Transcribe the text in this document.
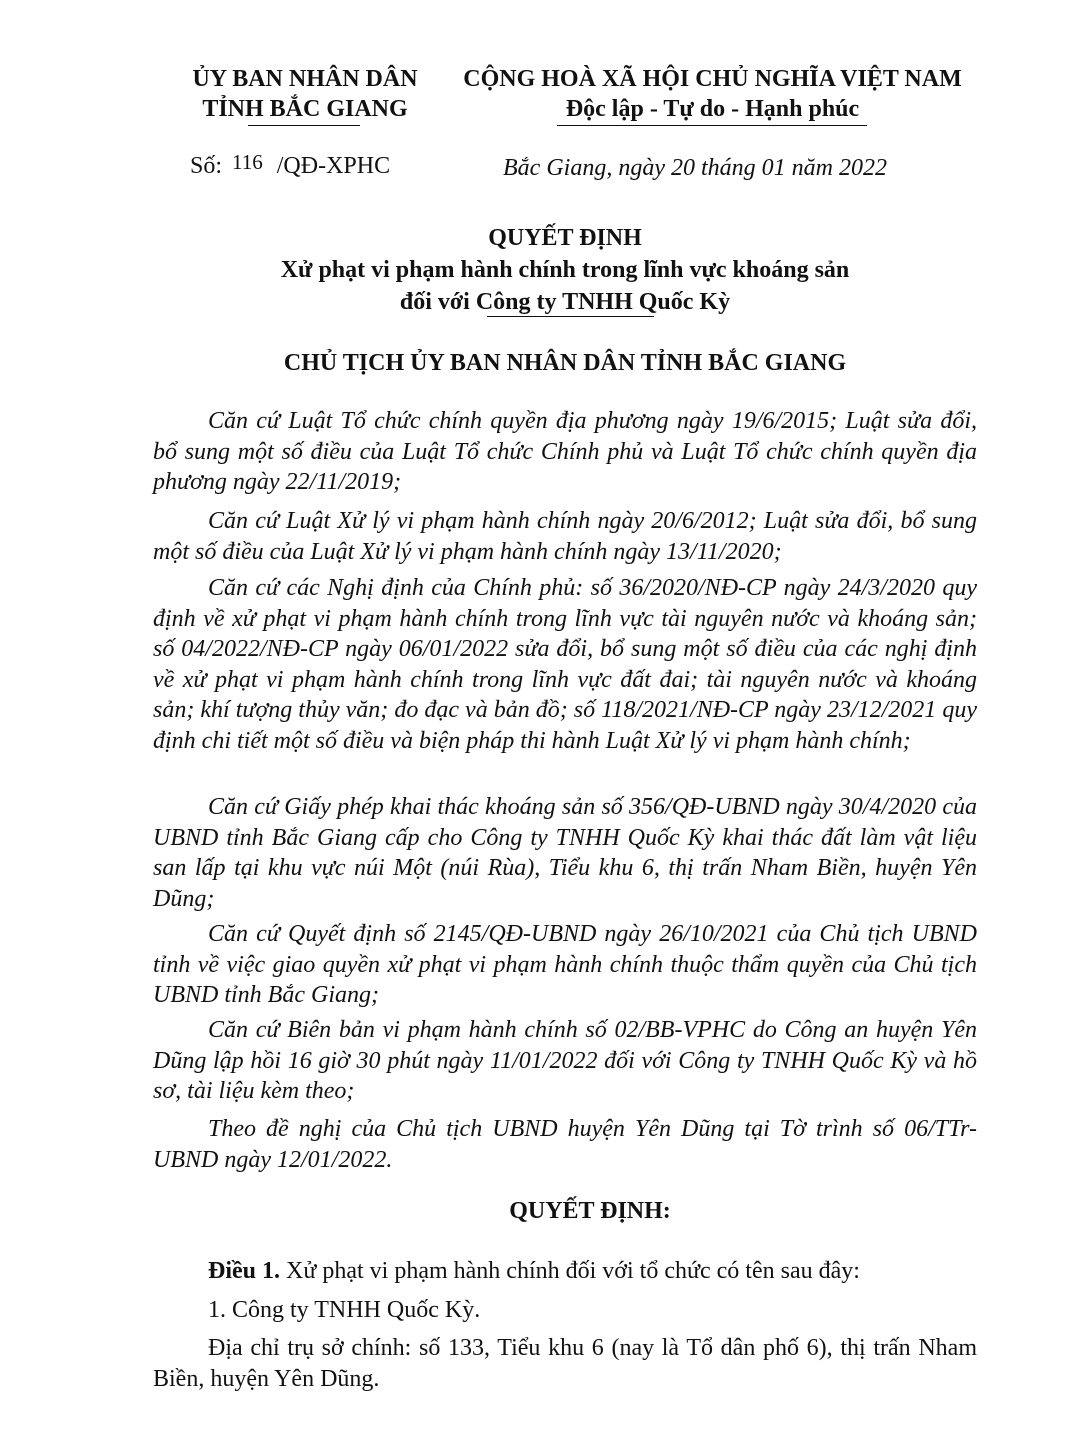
ỦY BAN NHÂN DÂN
TỈNH BẮC GIANG
CỘNG HOÀ XÃ HỘI CHỦ NGHĨA VIỆT NAM
Độc lập - Tự do - Hạnh phúc
Số: 116 /QĐ-XPHC	Bắc Giang, ngày 20 tháng 01 năm 2022
QUYẾT ĐỊNH
Xử phạt vi phạm hành chính trong lĩnh vực khoáng sản
đối với Công ty TNHH Quốc Kỳ
CHỦ TỊCH ỦY BAN NHÂN DÂN TỈNH BẮC GIANG
Căn cứ Luật Tổ chức chính quyền địa phương ngày 19/6/2015; Luật sửa đổi, bổ sung một số điều của Luật Tổ chức Chính phủ và Luật Tổ chức chính quyền địa phương ngày 22/11/2019;
Căn cứ Luật Xử lý vi phạm hành chính ngày 20/6/2012; Luật sửa đổi, bổ sung một số điều của Luật Xử lý vi phạm hành chính ngày 13/11/2020;
Căn cứ các Nghị định của Chính phủ: số 36/2020/NĐ-CP ngày 24/3/2020 quy định về xử phạt vi phạm hành chính trong lĩnh vực tài nguyên nước và khoáng sản; số 04/2022/NĐ-CP ngày 06/01/2022 sửa đổi, bổ sung một số điều của các nghị định về xử phạt vi phạm hành chính trong lĩnh vực đất đai; tài nguyên nước và khoáng sản; khí tượng thủy văn; đo đạc và bản đồ; số 118/2021/NĐ-CP ngày 23/12/2021 quy định chi tiết một số điều và biện pháp thi hành Luật Xử lý vi phạm hành chính;
Căn cứ Giấy phép khai thác khoáng sản số 356/QĐ-UBND ngày 30/4/2020 của UBND tỉnh Bắc Giang cấp cho Công ty TNHH Quốc Kỳ khai thác đất làm vật liệu san lấp tại khu vực núi Một (núi Rùa), Tiểu khu 6, thị trấn Nham Biền, huyện Yên Dũng;
Căn cứ Quyết định số 2145/QĐ-UBND ngày 26/10/2021 của Chủ tịch UBND tỉnh về việc giao quyền xử phạt vi phạm hành chính thuộc thẩm quyền của Chủ tịch UBND tỉnh Bắc Giang;
Căn cứ Biên bản vi phạm hành chính số 02/BB-VPHC do Công an huyện Yên Dũng lập hồi 16 giờ 30 phút ngày 11/01/2022 đối với Công ty TNHH Quốc Kỳ và hồ sơ, tài liệu kèm theo;
Theo đề nghị của Chủ tịch UBND huyện Yên Dũng tại Tờ trình số 06/TTr-UBND ngày 12/01/2022.
QUYẾT ĐỊNH:
Điều 1. Xử phạt vi phạm hành chính đối với tổ chức có tên sau đây:
1. Công ty TNHH Quốc Kỳ.
Địa chỉ trụ sở chính: số 133, Tiểu khu 6 (nay là Tổ dân phố 6), thị trấn Nham Biền, huyện Yên Dũng.
